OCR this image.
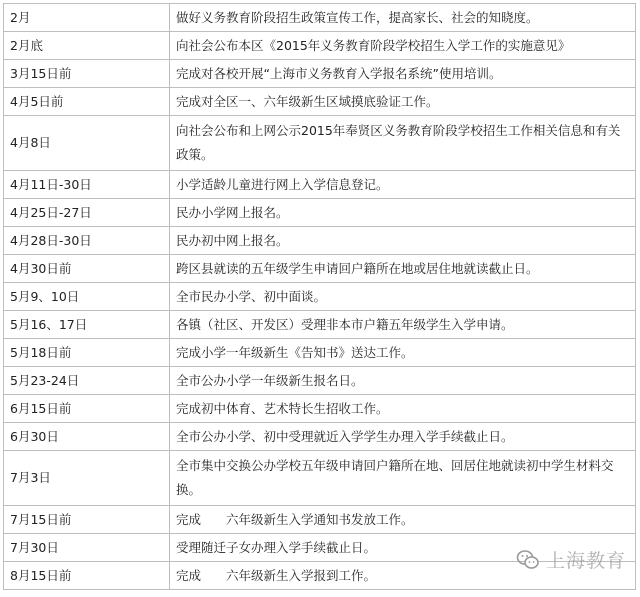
2月	做好义务教育阶段招生政策宣传工作，提高家长、社会的知晓度。
2月底	向社会公布本区《2015年义务教育阶段学校招生入学工作的实施意见》
3月15日前	完成对各校开展“上海市义务教育入学报名系统”使用培训。
4月5日前	完成对全区一、六年级新生区域摸底验证工作。
4月8日	向社会公布和上网公示2015年奉贤区义务教育阶段学校招生工作相关信息和有关政策。
4月11日-30日	小学适龄儿童进行网上入学信息登记。
4月25日-27日	民办小学网上报名。
4月28日-30日	民办初中网上报名。
4月30日前	跨区县就读的五年级学生申请回户籍所在地或居住地就读截止日。
5月9、10日	全市民办小学、初中面谈。
5月16、17日	各镇（社区、开发区）受理非本市户籍五年级学生入学申请。
5月18日前	完成小学一年级新生《告知书》送达工作。
5月23-24日	全市公办小学一年级新生报名日。
6月15日前	完成初中体育、艺术特长生招收工作。
6月30日	全市公办小学、初中受理就近入学学生办理入学手续截止日。
7月3日	全市集中交换公办学校五年级申请回户籍所在地、回居住地就读初中学生材料交换。
7月15日前	完成　　六年级新生入学通知书发放工作。
7月30日	受理随迁子女办理入学手续截止日。
8月15日前	完成　　六年级新生入学报到工作。
上海教育
